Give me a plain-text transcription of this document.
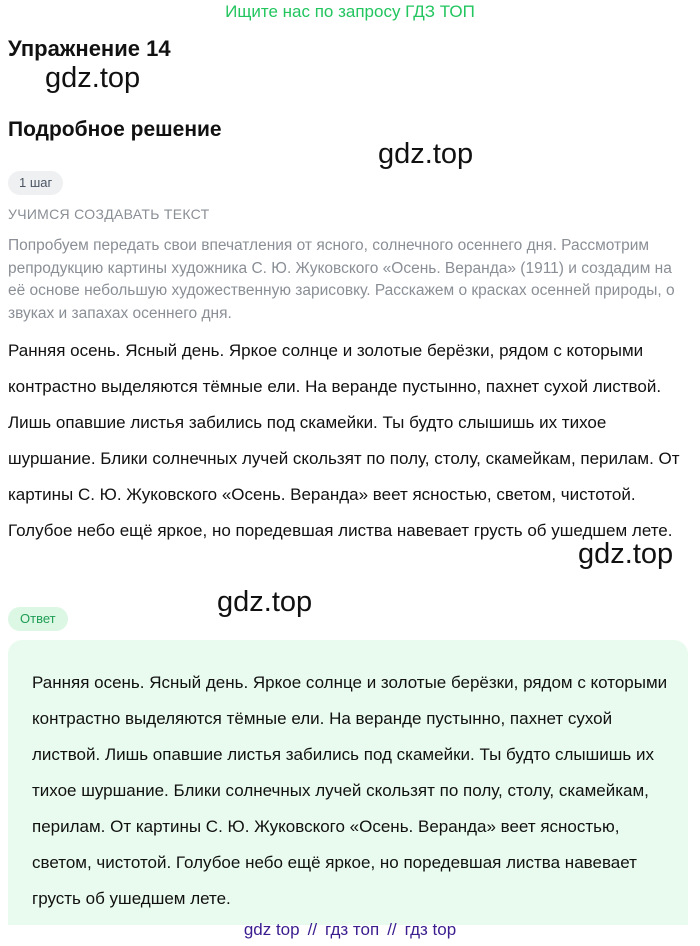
Ищите нас по запросу ГДЗ ТОП
Упражнение 14
gdz.top
Подробное решение
gdz.top
1 шаг
УЧИМСЯ СОЗДАВАТЬ ТЕКСТ

Попробуем передать свои впечатления от ясного, солнечного осеннего дня. Рассмотрим репродукцию картины художника С. Ю. Жуковского «Осень. Веранда» (1911) и создадим на её основе небольшую художественную зарисовку. Расскажем о красках осенней природы, о звуках и запахах осеннего дня.

Ранняя осень. Ясный день. Яркое солнце и золотые берёзки, рядом с которыми контрастно выделяются тёмные ели. На веранде пустынно, пахнет сухой листвой. Лишь опавшие листья забились под скамейки. Ты будто слышишь их тихое шуршание. Блики солнечных лучей скользят по полу, столу, скамейкам, перилам. От картины С. Ю. Жуковского «Осень. Веранда» веет ясностью, светом, чистотой. Голубое небо ещё яркое, но поредевшая листва навевает грусть об ушедшем лете.

gdz.top
gdz.top
Ответ

Ранняя осень. Ясный день. Яркое солнце и золотые берёзки, рядом с которыми контрастно выделяются тёмные ели. На веранде пустынно, пахнет сухой листвой. Лишь опавшие листья забились под скамейки. Ты будто слышишь их тихое шуршание. Блики солнечных лучей скользят по полу, столу, скамейкам, перилам. От картины С. Ю. Жуковского «Осень. Веранда» веет ясностью, светом, чистотой. Голубое небо ещё яркое, но поредевшая листва навевает грусть об ушедшем лете.

gdz top // гдз топ // гдз top
